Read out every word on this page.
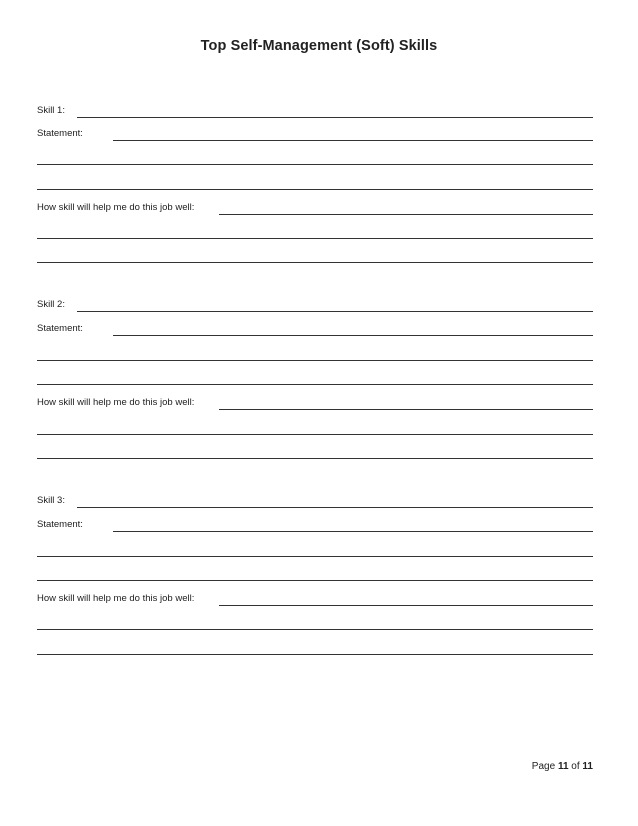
Top Self-Management (Soft) Skills
Skill 1:
Statement:
How skill will help me do this job well:
Skill 2:
Statement:
How skill will help me do this job well:
Skill 3:
Statement:
How skill will help me do this job well:
Page 11 of 11
